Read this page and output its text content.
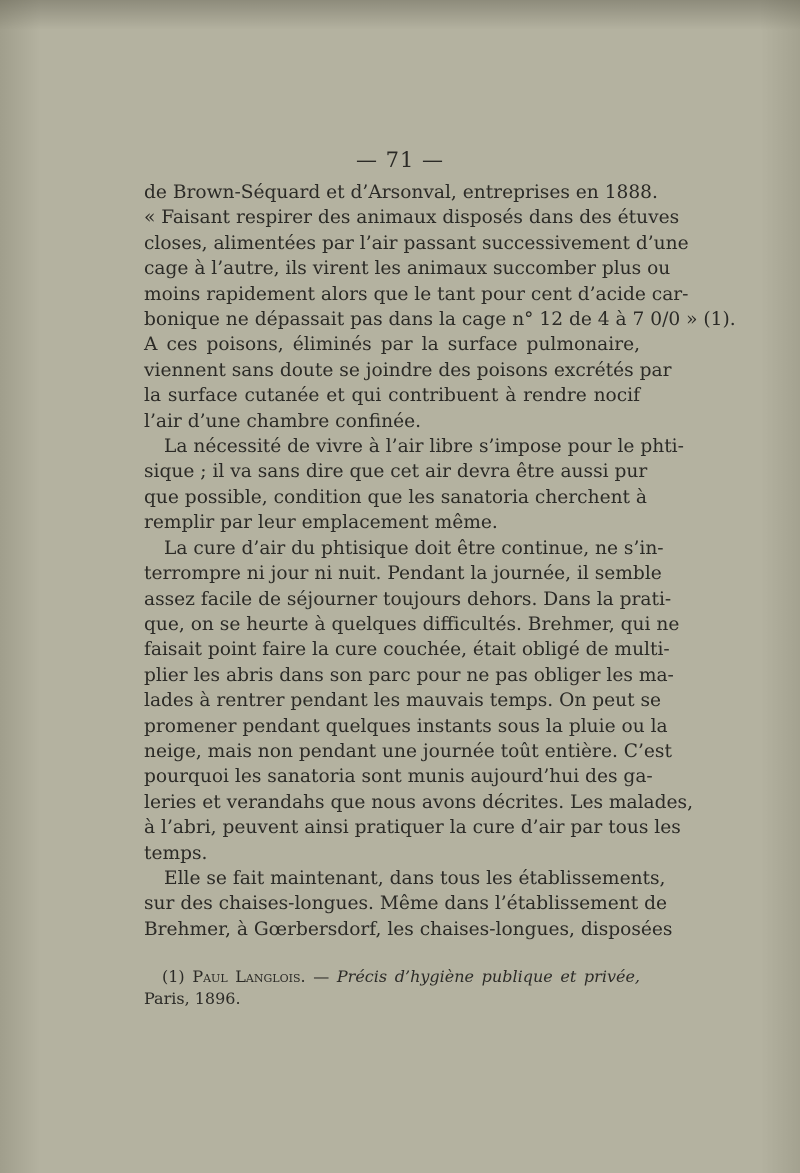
— 71 —
de Brown-Séquard et d’Arsonval, entreprises en 1888.
« Faisant respirer des animaux disposés dans des étuves
closes, alimentées par l’air passant successivement d’une
cage à l’autre, ils virent les animaux succomber plus ou
moins rapidement alors que le tant pour cent d’acide car-
bonique ne dépassait pas dans la cage n° 12 de 4 à 7 0/0 » (1).
A ces poisons, éliminés par la surface pulmonaire,
viennent sans doute se joindre des poisons excrétés par
la surface cutanée et qui contribuent à rendre nocif
l’air d’une chambre confinée.
La nécessité de vivre à l’air libre s’impose pour le phti-
sique ; il va sans dire que cet air devra être aussi pur
que possible, condition que les sanatoria cherchent à
remplir par leur emplacement même.
La cure d’air du phtisique doit être continue, ne s’in-
terrompre ni jour ni nuit. Pendant la journée, il semble
assez facile de séjourner toujours dehors. Dans la prati-
que, on se heurte à quelques difficultés. Brehmer, qui ne
faisait point faire la cure couchée, était obligé de multi-
plier les abris dans son parc pour ne pas obliger les ma-
lades à rentrer pendant les mauvais temps. On peut se
promener pendant quelques instants sous la pluie ou la
neige, mais non pendant une journée toût entière. C’est
pourquoi les sanatoria sont munis aujourd’hui des ga-
leries et verandahs que nous avons décrites. Les malades,
à l’abri, peuvent ainsi pratiquer la cure d’air par tous les
temps.
Elle se fait maintenant, dans tous les établissements,
sur des chaises-longues. Même dans l’établissement de
Brehmer, à Gœrbersdorf, les chaises-longues, disposées
(1) Paul Langlois. — Précis d’hygiène publique et privée,
Paris, 1896.
